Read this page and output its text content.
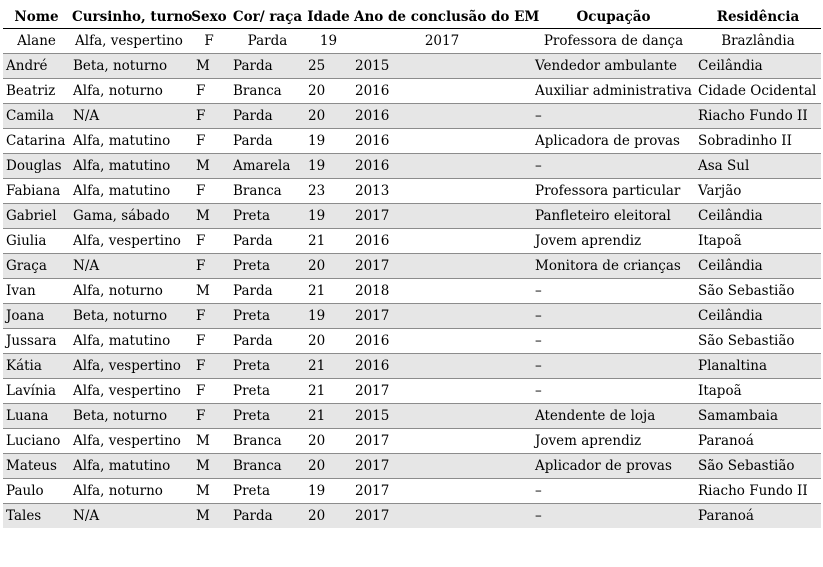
Nome	Cursinho, turno	Sexo	Cor/ raça	Idade	Ano de conclusão do EM	Ocupação	Residência
Alane	Alfa, vespertino	F	Parda	19	2017	Professora de dança	Brazlândia
André	Beta, noturno	M	Parda	25	2015	Vendedor ambulante	Ceilândia
Beatriz	Alfa, noturno	F	Branca	20	2016	Auxiliar administrativa	Cidade Ocidental
Camila	N/A	F	Parda	20	2016	–	Riacho Fundo II
Catarina	Alfa, matutino	F	Parda	19	2016	Aplicadora de provas	Sobradinho II
Douglas	Alfa, matutino	M	Amarela	19	2016	–	Asa Sul
Fabiana	Alfa, matutino	F	Branca	23	2013	Professora particular	Varjão
Gabriel	Gama, sábado	M	Preta	19	2017	Panfleteiro eleitoral	Ceilândia
Giulia	Alfa, vespertino	F	Parda	21	2016	Jovem aprendiz	Itapoã
Graça	N/A	F	Preta	20	2017	Monitora de crianças	Ceilândia
Ivan	Alfa, noturno	M	Parda	21	2018	–	São Sebastião
Joana	Beta, noturno	F	Preta	19	2017	–	Ceilândia
Jussara	Alfa, matutino	F	Parda	20	2016	–	São Sebastião
Kátia	Alfa, vespertino	F	Preta	21	2016	–	Planaltina
Lavínia	Alfa, vespertino	F	Preta	21	2017	–	Itapoã
Luana	Beta, noturno	F	Preta	21	2015	Atendente de loja	Samambaia
Luciano	Alfa, vespertino	M	Branca	20	2017	Jovem aprendiz	Paranoá
Mateus	Alfa, matutino	M	Branca	20	2017	Aplicador de provas	São Sebastião
Paulo	Alfa, noturno	M	Preta	19	2017	–	Riacho Fundo II
Tales	N/A	M	Parda	20	2017	–	Paranoá
